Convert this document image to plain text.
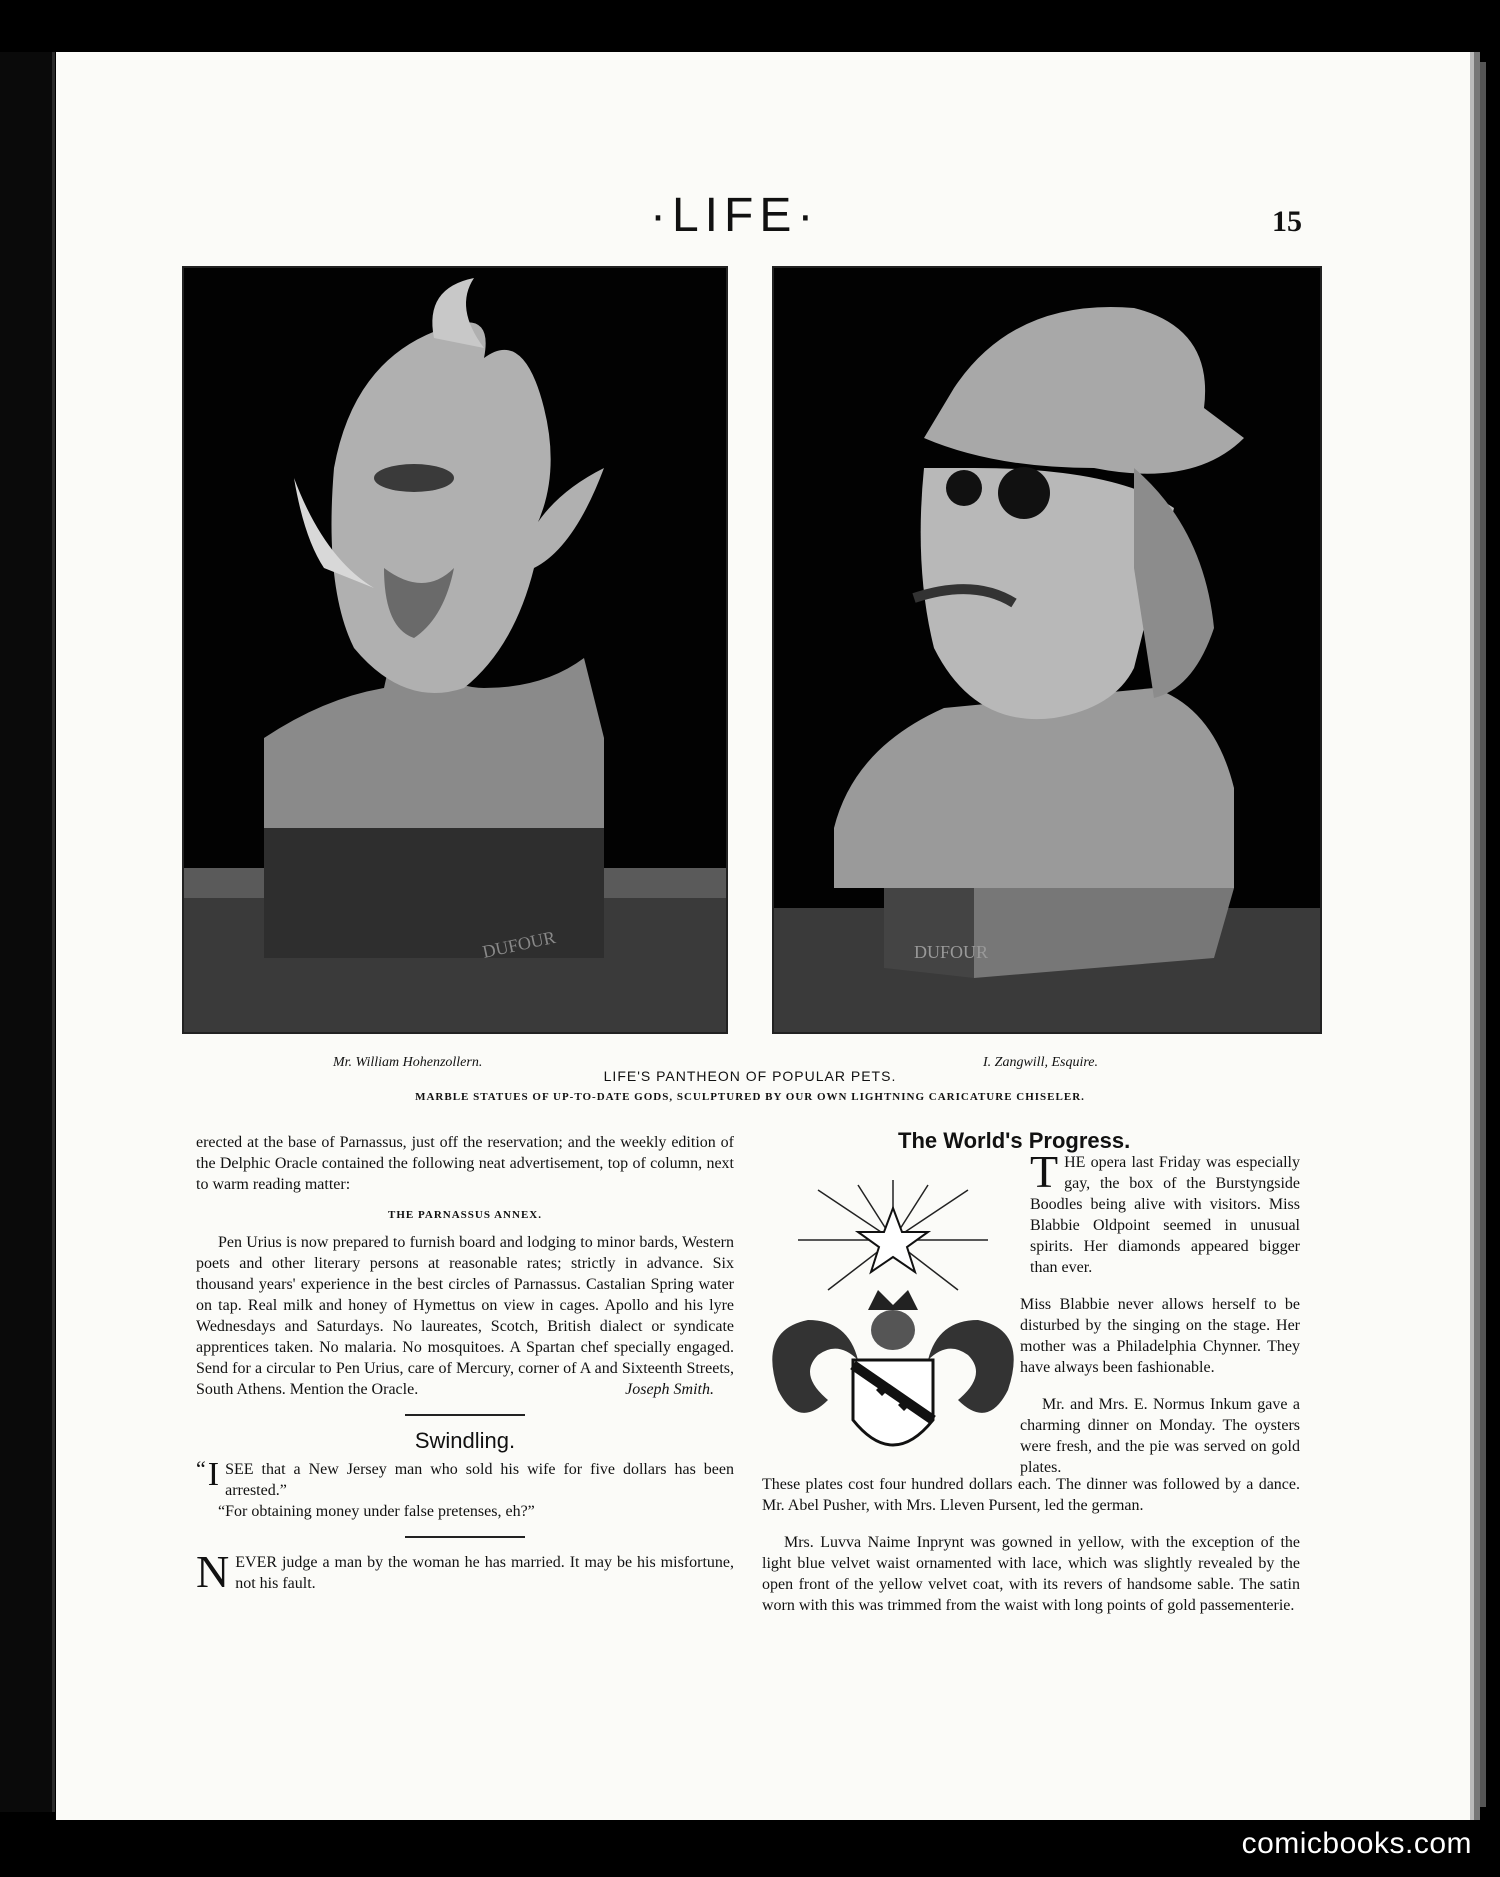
·LIFE·	15
DUFOUR	DUFOUR
Mr. William Hohenzollern.	I. Zangwill, Esquire.
LIFE'S PANTHEON OF POPULAR PETS.
MARBLE STATUES OF UP-TO-DATE GODS, SCULPTURED BY OUR OWN LIGHTNING CARICATURE CHISELER.

erected at the base of Parnassus, just off the reservation; and the weekly edition of the Delphic Oracle contained the following neat advertisement, top of column, next to warm reading matter:

THE PARNASSUS ANNEX.

Pen Urius is now prepared to furnish board and lodging to minor bards, Western poets and other literary persons at reasonable rates; strictly in advance. Six thousand years' experience in the best circles of Parnassus. Castalian Spring water on tap. Real milk and honey of Hymettus on view in cages. Apollo and his lyre Wednesdays and Saturdays. No laureates, Scotch, British dialect or syndicate apprentices taken. No malaria. No mosquitoes. A Spartan chef specially engaged. Send for a circular to Pen Urius, care of Mercury, corner of A and Sixteenth Streets, South Athens. Mention the Oracle.	Joseph Smith.

Swindling.

“ I SEE that a New Jersey man who sold his wife for five dollars has been arrested.”

“For obtaining money under false pretenses, eh?”

N EVER judge a man by the woman he has married. It may be his misfortune, not his fault.

The World's Progress.
T HE opera last Friday was especially gay, the box of the Burstyngside Boodles being alive with visitors. Miss Blabbie Oldpoint seemed in unusual spirits. Her diamonds appeared bigger than ever.

Miss Blabbie never allows herself to be disturbed by the singing on the stage. Her mother was a Philadelphia Chynner. They have always been fashionable.

Mr. and Mrs. E. Normus Inkum gave a charming dinner on Monday. The oysters were fresh, and the pie was served on gold plates.

These plates cost four hundred dollars each. The dinner was followed by a dance. Mr. Abel Pusher, with Mrs. Lleven Pursent, led the german.

Mrs. Luvva Naime Inprynt was gowned in yellow, with the exception of the light blue velvet waist ornamented with lace, which was slightly revealed by the open front of the yellow velvet coat, with its revers of handsome sable. The satin worn with this was trimmed from the waist with long points of gold passementerie.

comicbooks.com
